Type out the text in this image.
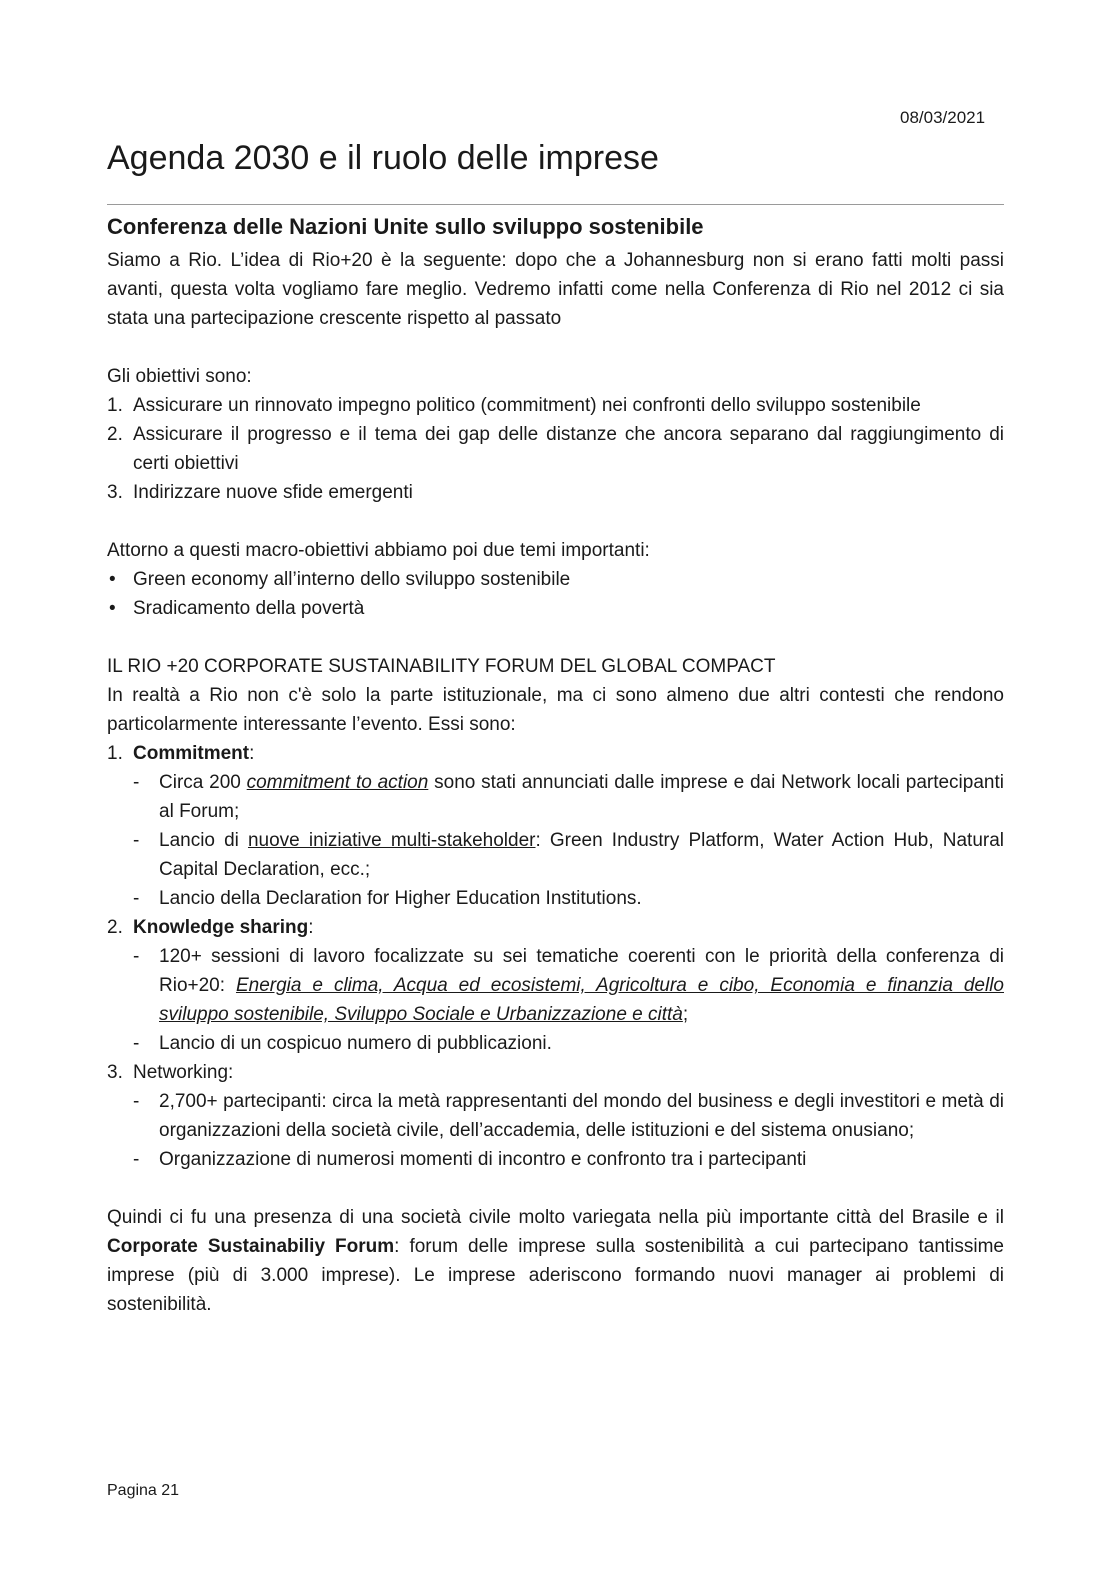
08/03/2021
Agenda 2030 e il ruolo delle imprese
Conferenza delle Nazioni Unite sullo sviluppo sostenibile

Siamo a Rio. L’idea di Rio+20 è la seguente: dopo che a Johannesburg non si erano fatti molti passi avanti, questa volta vogliamo fare meglio. Vedremo infatti come nella Conferenza di Rio nel 2012 ci sia stata una partecipazione crescente rispetto al passato

Gli obiettivi sono:

1. Assicurare un rinnovato impegno politico (commitment) nei confronti dello sviluppo sostenibile
2. Assicurare il progresso e il tema dei gap delle distanze che ancora separano dal raggiungimento di certi obiettivi
3. Indirizzare nuove sfide emergenti

Attorno a questi macro-obiettivi abbiamo poi due temi importanti:

• Green economy all’interno dello sviluppo sostenibile
• Sradicamento della povertà

IL RIO +20 CORPORATE SUSTAINABILITY FORUM DEL GLOBAL COMPACT

In realtà a Rio non c'è solo la parte istituzionale, ma ci sono almeno due altri contesti che rendono particolarmente interessante l’evento. Essi sono:

1. Commitment:
- Circa 200 commitment to action sono stati annunciati dalle imprese e dai Network locali partecipanti al Forum;
- Lancio di nuove iniziative multi-stakeholder: Green Industry Platform, Water Action Hub, Natural Capital Declaration, ecc.;
- Lancio della Declaration for Higher Education Institutions.
2. Knowledge sharing:
- 120+ sessioni di lavoro focalizzate su sei tematiche coerenti con le priorità della conferenza di Rio+20: Energia e clima, Acqua ed ecosistemi, Agricoltura e cibo, Economia e finanzia dello sviluppo sostenibile, Sviluppo Sociale e Urbanizzazione e città;
- Lancio di un cospicuo numero di pubblicazioni.
3. Networking:
- 2,700+ partecipanti: circa la metà rappresentanti del mondo del business e degli investitori e metà di organizzazioni della società civile, dell’accademia, delle istituzioni e del sistema onusiano;
- Organizzazione di numerosi momenti di incontro e confronto tra i partecipanti

Quindi ci fu una presenza di una società civile molto variegata nella più importante città del Brasile e il Corporate Sustainabiliy Forum: forum delle imprese sulla sostenibilità a cui partecipano tantissime imprese (più di 3.000 imprese). Le imprese aderiscono formando nuovi manager ai problemi di sostenibilità.

Pagina 21
